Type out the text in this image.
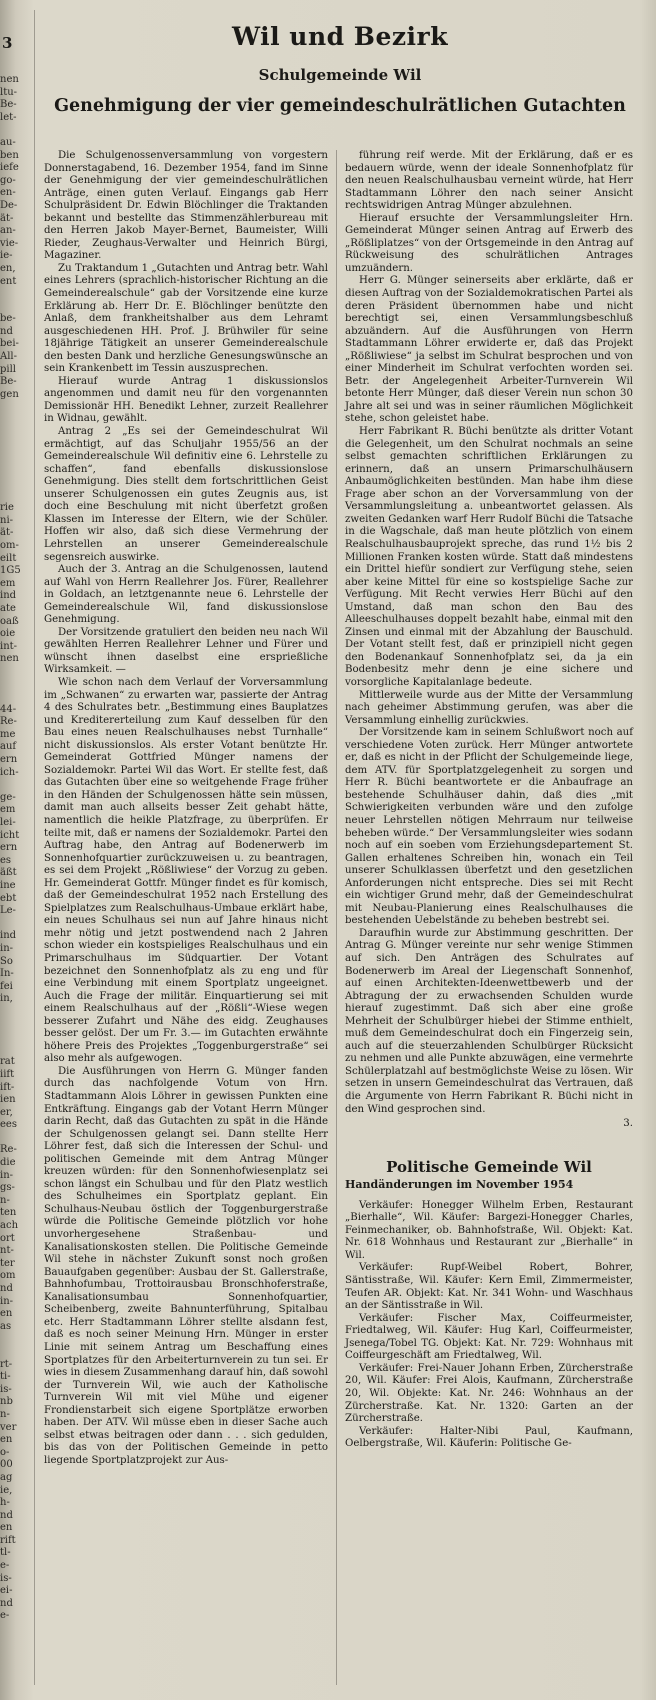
3
nen
ltu-
Be-
let-

au-
ben
iefe
go-
en-
De-
ät-
an-
vie-
ie-
en,
ent

be-
nd
bei-
All-
pill
Be-
gen

rie
ni-
ät-
om-
eilt
1G5
em
ind
ate
oaß
oie
int-
nen

44-
Re-
me
auf
ern
ich-

ge-
em
lei-
icht
ern
es
äßt
ine
ebt
Le-

ind
in-
So
In-
fei
in,

rat
iift
ift-
ien
er,
ees

Re-
die
in-
gs-
n-
ten
ach
ort
nt-
ter
om
nd
in-
en
as

rt-
ti-
is-
nb
n-
ver
en
o-
00
ag
ie,
h-
nd
en
rift
tl-
e-
is-
ei-
nd
e-
Wil und Bezirk
Schulgemeinde Wil
Genehmigung der vier gemeindeschulrätlichen Gutachten

Die Schulgenossenversammlung von vorgestern Donnerstagabend, 16. Dezember 1954, fand im Sinne der Genehmigung der vier gemeindeschulrätlichen Anträge, einen guten Verlauf. Eingangs gab Herr Schulpräsident Dr. Edwin Blöchlinger die Traktanden bekannt und bestellte das Stimmenzählerbureau mit den Herren Jakob Mayer-Bernet, Baumeister, Willi Rieder, Zeughaus-Verwalter und Heinrich Bürgi, Magaziner.

Zu Traktandum 1 „Gutachten und Antrag betr. Wahl eines Lehrers (sprachlich-historischer Richtung an die Gemeinderealschule“ gab der Vorsitzende eine kurze Erklärung ab. Herr Dr. E. Blöchlinger benützte den Anlaß, dem frankheitshalber aus dem Lehramt ausgeschiedenen HH. Prof. J. Brühwiler für seine 18jährige Tätigkeit an unserer Gemeinderealschule den besten Dank und herzliche Genesungswünsche an sein Krankenbett im Tessin auszusprechen.

Hierauf wurde Antrag 1 diskussionslos angenommen und damit neu für den vorgenannten Demissionär HH. Benedikt Lehner, zurzeit Reallehrer in Widnau, gewählt.

Antrag 2 „Es sei der Gemeindeschulrat Wil ermächtigt, auf das Schuljahr 1955/56 an der Gemeinderealschule Wil definitiv eine 6. Lehrstelle zu schaffen“, fand ebenfalls diskussionslose Genehmigung. Dies stellt dem fortschrittlichen Geist unserer Schulgenossen ein gutes Zeugnis aus, ist doch eine Beschulung mit nicht überfetzt großen Klassen im Interesse der Eltern, wie der Schüler. Hoffen wir also, daß sich diese Vermehrung der Lehrstellen an unserer Gemeinderealschule segensreich auswirke.

Auch der 3. Antrag an die Schulgenossen, lautend auf Wahl von Herrn Reallehrer Jos. Fürer, Reallehrer in Goldach, an letztgenannte neue 6. Lehrstelle der Gemeinderealschule Wil, fand diskussionslose Genehmigung.

Der Vorsitzende gratuliert den beiden neu nach Wil gewählten Herren Reallehrer Lehner und Fürer und wünscht ihnen daselbst eine ersprießliche Wirksamkeit. —

Wie schon nach dem Verlauf der Vorversammlung im „Schwanen“ zu erwarten war, passierte der Antrag 4 des Schulrates betr. „Bestimmung eines Bauplatzes und Kreditererteilung zum Kauf desselben für den Bau eines neuen Realschulhauses nebst Turnhalle“ nicht diskussionslos. Als erster Votant benützte Hr. Gemeinderat Gottfried Münger namens der Sozialdemokr. Partei Wil das Wort. Er stellte fest, daß das Gutachten über eine so weitgehende Frage früher in den Händen der Schulgenossen hätte sein müssen, damit man auch allseits besser Zeit gehabt hätte, namentlich die heikle Platzfrage, zu überprüfen. Er teilte mit, daß er namens der Sozialdemokr. Partei den Auftrag habe, den Antrag auf Bodenerwerb im Sonnenhofquartier zurückzuweisen u. zu beantragen, es sei dem Projekt „Rößliwiese“ der Vorzug zu geben. Hr. Gemeinderat Gottfr. Münger findet es für komisch, daß der Gemeindeschulrat 1952 nach Erstellung des Spielplatzes zum Realschulhaus-Umbaue erklärt habe, ein neues Schulhaus sei nun auf Jahre hinaus nicht mehr nötig und jetzt postwendend nach 2 Jahren schon wieder ein kostspieliges Realschulhaus und ein Primarschulhaus im Südquartier. Der Votant bezeichnet den Sonnenhofplatz als zu eng und für eine Verbindung mit einem Sportplatz ungeeignet. Auch die Frage der militär. Einquartierung sei mit einem Realschulhaus auf der „Rößli“-Wiese wegen besserer Zufahrt und Nähe des eidg. Zeughauses besser gelöst. Der um Fr. 3.— im Gutachten erwähnte höhere Preis des Projektes „Toggenburgerstraße“ sei also mehr als aufgewogen.

Die Ausführungen von Herrn G. Münger fanden durch das nachfolgende Votum von Hrn. Stadtammann Alois Löhrer in gewissen Punkten eine Entkräftung. Eingangs gab der Votant Herrn Münger darin Recht, daß das Gutachten zu spät in die Hände der Schulgenossen gelangt sei. Dann stellte Herr Löhrer fest, daß sich die Interessen der Schul- und politischen Gemeinde mit dem Antrag Münger kreuzen würden: für den Sonnenhofwiesenplatz sei schon längst ein Schulbau und für den Platz westlich des Schulheimes ein Sportplatz geplant. Ein Schulhaus-Neubau östlich der Toggenburgerstraße würde die Politische Gemeinde plötzlich vor hohe unvorhergesehene Straßenbau- und Kanalisationskosten stellen. Die Politische Gemeinde Wil stehe in nächster Zukunft sonst noch großen Bauaufgaben gegenüber: Ausbau der St. Gallerstraße, Bahnhofumbau, Trottoirausbau Bronschhoferstraße, Kanalisationsumbau Sonnenhofquartier, Scheibenberg, zweite Bahnunterführung, Spitalbau etc. Herr Stadtammann Löhrer stellte alsdann fest, daß es noch seiner Meinung Hrn. Münger in erster Linie mit seinem Antrag um Beschaffung eines Sportplatzes für den Arbeiterturnverein zu tun sei. Er wies in diesem Zusammenhang darauf hin, daß sowohl der Turnverein Wil, wie auch der Katholische Turnverein Wil mit viel Mühe und eigener Frondienstarbeit sich eigene Sportplätze erworben haben. Der ATV. Wil müsse eben in dieser Sache auch selbst etwas beitragen oder dann . . . sich gedulden, bis das von der Politischen Gemeinde in petto liegende Sportplatzprojekt zur Aus-

führung reif werde. Mit der Erklärung, daß er es bedauern würde, wenn der ideale Sonnenhofplatz für den neuen Realschulhausbau verneint würde, hat Herr Stadtammann Löhrer den nach seiner Ansicht rechtswidrigen Antrag Münger abzulehnen.

Hierauf ersuchte der Versammlungsleiter Hrn. Gemeinderat Münger seinen Antrag auf Erwerb des „Rößliplatzes“ von der Ortsgemeinde in den Antrag auf Rückweisung des schulrätlichen Antrages umzuändern.

Herr G. Münger seinerseits aber erklärte, daß er diesen Auftrag von der Sozialdemokratischen Partei als deren Präsident übernommen habe und nicht berechtigt sei, einen Versammlungsbeschluß abzuändern. Auf die Ausführungen von Herrn Stadtammann Löhrer erwiderte er, daß das Projekt „Rößliwiese“ ja selbst im Schulrat besprochen und von einer Minderheit im Schulrat verfochten worden sei. Betr. der Angelegenheit Arbeiter-Turnverein Wil betonte Herr Münger, daß dieser Verein nun schon 30 Jahre alt sei und was in seiner räumlichen Möglichkeit stehe, schon geleistet habe.

Herr Fabrikant R. Büchi benützte als dritter Votant die Gelegenheit, um den Schulrat nochmals an seine selbst gemachten schriftlichen Erklärungen zu erinnern, daß an unsern Primarschulhäusern Anbaumöglichkeiten bestünden. Man habe ihm diese Frage aber schon an der Vorversammlung von der Versammlungsleitung a. unbeantwortet gelassen. Als zweiten Gedanken warf Herr Rudolf Büchi die Tatsache in die Wagschale, daß man heute plötzlich von einem Realschulhausbauprojekt spreche, das rund 1½ bis 2 Millionen Franken kosten würde. Statt daß mindestens ein Drittel hiefür sondiert zur Verfügung stehe, seien aber keine Mittel für eine so kostspielige Sache zur Verfügung. Mit Recht verwies Herr Büchi auf den Umstand, daß man schon den Bau des Alleeschulhauses doppelt bezahlt habe, einmal mit den Zinsen und einmal mit der Abzahlung der Bauschuld. Der Votant stellt fest, daß er prinzipiell nicht gegen den Bodenankauf Sonnenhofplatz sei, da ja ein Bodenbesitz mehr denn je eine sichere und vorsorgliche Kapitalanlage bedeute.

Mittlerweile wurde aus der Mitte der Versammlung nach geheimer Abstimmung gerufen, was aber die Versammlung einhellig zurückwies.

Der Vorsitzende kam in seinem Schlußwort noch auf verschiedene Voten zurück. Herr Münger antwortete er, daß es nicht in der Pflicht der Schulgemeinde liege, dem ATV. für Sportplatzgelegenheit zu sorgen und Herr R. Büchi beantwortete er die Anbaufrage an bestehende Schulhäuser dahin, daß dies „mit Schwierigkeiten verbunden wäre und den zufolge neuer Lehrstellen nötigen Mehrraum nur teilweise beheben würde.“ Der Versammlungsleiter wies sodann noch auf ein soeben vom Erziehungsdepartement St. Gallen erhaltenes Schreiben hin, wonach ein Teil unserer Schulklassen überfetzt und den gesetzlichen Anforderungen nicht entspreche. Dies sei mit Recht ein wichtiger Grund mehr, daß der Gemeindeschulrat mit Neubau-Planierung eines Realschulhauses die bestehenden Uebelstände zu beheben bestrebt sei.

Daraufhin wurde zur Abstimmung geschritten. Der Antrag G. Münger vereinte nur sehr wenige Stimmen auf sich. Den Anträgen des Schulrates auf Bodenerwerb im Areal der Liegenschaft Sonnenhof, auf einen Architekten-Ideenwettbewerb und der Abtragung der zu erwachsenden Schulden wurde hierauf zugestimmt. Daß sich aber eine große Mehrheit der Schulbürger hiebei der Stimme enthielt, muß dem Gemeindeschulrat doch ein Fingerzeig sein, auch auf die steuerzahlenden Schulbürger Rücksicht zu nehmen und alle Punkte abzuwägen, eine vermehrte Schülerplatzahl auf bestmöglichste Weise zu lösen. Wir setzen in unsern Gemeindeschulrat das Vertrauen, daß die Argumente von Herrn Fabrikant R. Büchi nicht in den Wind gesprochen sind.

3.
Politische Gemeinde Wil
Handänderungen im November 1954

Verkäufer: Honegger Wilhelm Erben, Restaurant „Bierhalle“, Wil. Käufer: Bargezi-Honegger Charles, Feinmechaniker, ob. Bahnhofstraße, Wil. Objekt: Kat. Nr. 618 Wohnhaus und Restaurant zur „Bierhalle“ in Wil.

Verkäufer: Rupf-Weibel Robert, Bohrer, Säntisstraße, Wil. Käufer: Kern Emil, Zimmermeister, Teufen AR. Objekt: Kat. Nr. 341 Wohn- und Waschhaus an der Säntisstraße in Wil.

Verkäufer: Fischer Max, Coiffeurmeister, Friedtalweg, Wil. Käufer: Hug Karl, Coiffeurmeister, Jsenega/Tobel TG. Objekt: Kat. Nr. 729: Wohnhaus mit Coiffeurgeschäft am Friedtalweg, Wil.

Verkäufer: Frei-Nauer Johann Erben, Zürcherstraße 20, Wil. Käufer: Frei Alois, Kaufmann, Zürcherstraße 20, Wil. Objekte: Kat. Nr. 246: Wohnhaus an der Zürcherstraße. Kat. Nr. 1320: Garten an der Zürcherstraße.

Verkäufer: Halter-Nibi Paul, Kaufmann, Oelbergstraße, Wil. Käuferin: Politische Ge-
